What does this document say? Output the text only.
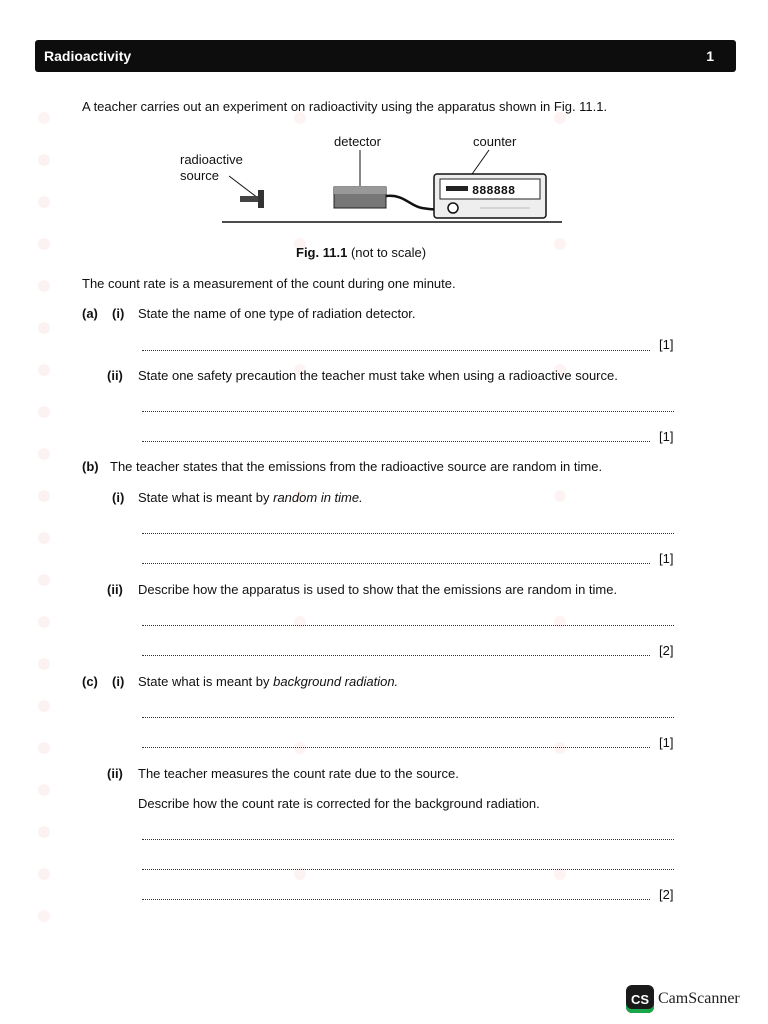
Radioactivity	1
A teacher carries out an experiment on radioactivity using the apparatus shown in Fig. 11.1.
detector	counter
radioactive
source
888888
Fig. 11.1 (not to scale)
The count rate is a measurement of the count during one minute.
(a) (i) State the name of one type of radiation detector.
[1]
(ii) State one safety precaution the teacher must take when using a radioactive source.
[1]
(b) The teacher states that the emissions from the radioactive source are random in time.
(i) State what is meant by random in time.
[1]
(ii) Describe how the apparatus is used to show that the emissions are random in time.
[2]
(c) (i) State what is meant by background radiation.
[1]
(ii) The teacher measures the count rate due to the source.
Describe how the count rate is corrected for the background radiation.
[2]
CS CamScanner
